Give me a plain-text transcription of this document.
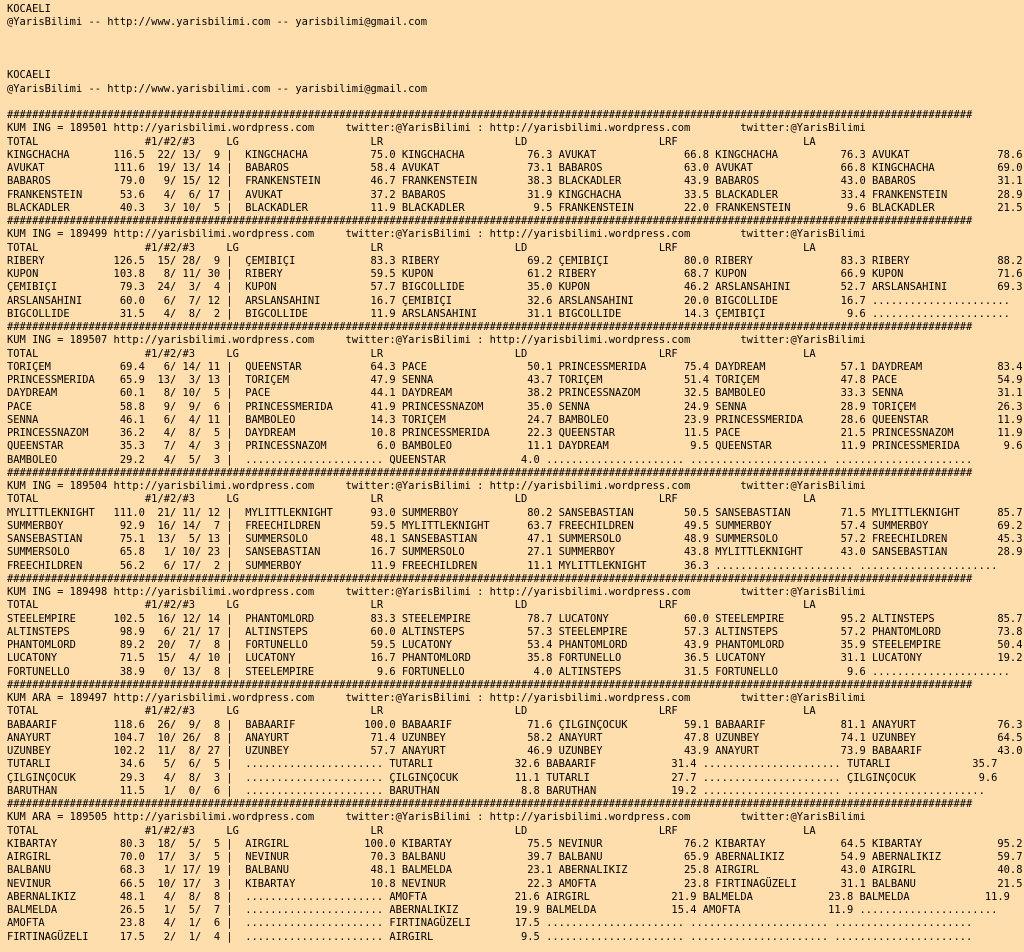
KOCAELI
@YarisBilimi -- http://www.yarisbilimi.com -- yarisbilimi@gmail.com
KOCAELI
@YarisBilimi -- http://www.yarisbilimi.com -- yarisbilimi@gmail.com
##########################################################################################################################################################
KUM ING = 189501 http://yarisbilimi.wordpress.com     twitter:@YarisBilimi : http://yarisbilimi.wordpress.com        twitter:@YarisBilimi
TOTAL                 #1/#2/#3     LG                     LR                     LD                     LRF                    LA
KINGCHACHA       116.5  22/ 13/  9 |  KINGCHACHA          75.0 KINGCHACHA          76.3 AVUKAT              66.8 KINGCHACHA          76.3 AVUKAT              78.6
AVUKAT           111.6  19/ 13/ 14 |  BABAROS             58.4 AVUKAT              73.1 BABAROS             63.0 AVUKAT              66.8 KINGCHACHA          69.0
BABAROS           79.0   9/ 15/ 12 |  FRANKENSTEIN        46.7 FRANKENSTEIN        38.3 BLACKADLER          43.9 BABAROS             43.0 BABAROS             31.1
FRANKENSTEIN      53.6   4/  6/ 17 |  AVUKAT              37.2 BABAROS             31.9 KINGCHACHA          33.5 BLACKADLER          33.4 FRANKENSTEIN        28.9
BLACKADLER        40.3   3/ 10/  5 |  BLACKADLER          11.9 BLACKADLER           9.5 FRANKENSTEIN        22.0 FRANKENSTEIN         9.6 BLACKADLER          21.5
##########################################################################################################################################################
KUM ING = 189499 http://yarisbilimi.wordpress.com     twitter:@YarisBilimi : http://yarisbilimi.wordpress.com        twitter:@YarisBilimi
TOTAL                 #1/#2/#3     LG                     LR                     LD                     LRF                    LA
RIBERY           126.5  15/ 28/  9 |  ÇEMIBIÇI            83.3 RIBERY              69.2 ÇEMIBIÇI            80.0 RIBERY              83.3 RIBERY              88.2
KUPON            103.8   8/ 11/ 30 |  RIBERY              59.5 KUPON               61.2 RIBERY              68.7 KUPON               66.9 KUPON               71.6
ÇEMIBIÇI          79.3  24/  3/  4 |  KUPON               57.7 BIGCOLLIDE          35.0 KUPON               46.2 ARSLANSAHINI        52.7 ARSLANSAHINI        69.3
ARSLANSAHINI      60.0   6/  7/ 12 |  ARSLANSAHINI        16.7 ÇEMIBIÇI            32.6 ARSLANSAHINI        20.0 BIGCOLLIDE          16.7 ......................
BIGCOLLIDE        31.5   4/  8/  2 |  BIGCOLLIDE          11.9 ARSLANSAHINI        31.1 BIGCOLLIDE          14.3 ÇEMIBIÇI             9.6 ......................
##########################################################################################################################################################
KUM ING = 189507 http://yarisbilimi.wordpress.com     twitter:@YarisBilimi : http://yarisbilimi.wordpress.com        twitter:@YarisBilimi
TOTAL                 #1/#2/#3     LG                     LR                     LD                     LRF                    LA
TORIÇEM           69.4   6/ 14/ 11 |  QUEENSTAR           64.3 PACE                50.1 PRINCESSMERIDA      75.4 DAYDREAM            57.1 DAYDREAM            83.4
PRINCESSMERIDA    65.9  13/  3/ 13 |  TORIÇEM             47.9 SENNA               43.7 TORIÇEM             51.4 TORIÇEM             47.8 PACE                54.9
DAYDREAM          60.1   8/ 10/  5 |  PACE                44.1 DAYDREAM            38.2 PRINCESSNAZOM       32.5 BAMBOLEO            33.3 SENNA               31.1
PACE              58.8   9/  9/  6 |  PRINCESSMERIDA      41.9 PRINCESSNAZOM       35.0 SENNA               24.9 SENNA               28.9 TORIÇEM             26.3
SENNA             46.1   6/  4/ 11 |  BAMBOLEO            14.3 TORIÇEM             24.7 BAMBOLEO            23.9 PRINCESSMERIDA      28.6 QUEENSTAR           11.9
PRINCESSNAZOM     36.2   4/  8/  5 |  DAYDREAM            10.8 PRINCESSMERIDA      22.3 QUEENSTAR           11.5 PACE                21.5 PRINCESSNAZOM       11.9
QUEENSTAR         35.3   7/  4/  3 |  PRINCESSNAZOM        6.0 BAMBOLEO            11.1 DAYDREAM             9.5 QUEENSTAR           11.9 PRINCESSMERIDA       9.6
BAMBOLEO          29.2   4/  5/  3 |  ...................... QUEENSTAR            4.0 ...................... ...................... ......................
##########################################################################################################################################################
KUM ING = 189504 http://yarisbilimi.wordpress.com     twitter:@YarisBilimi : http://yarisbilimi.wordpress.com        twitter:@YarisBilimi
TOTAL                 #1/#2/#3     LG                     LR                     LD                     LRF                    LA
MYLITTLEKNIGHT   111.0  21/ 11/ 12 |  MYLITTLEKNIGHT      93.0 SUMMERBOY           80.2 SANSEBASTIAN        50.5 SANSEBASTIAN        71.5 MYLITTLEKNIGHT      85.7
SUMMERBOY         92.9  16/ 14/  7 |  FREECHILDREN        59.5 MYLITTLEKNIGHT      63.7 FREECHILDREN        49.5 SUMMERBOY           57.4 SUMMERBOY           69.2
SANSEBASTIAN      75.1  13/  5/ 13 |  SUMMERSOLO          48.1 SANSEBASTIAN        47.1 SUMMERSOLO          48.9 SUMMERSOLO          57.2 FREECHILDREN        45.3
SUMMERSOLO        65.8   1/ 10/ 23 |  SANSEBASTIAN        16.7 SUMMERSOLO          27.1 SUMMERBOY           43.8 MYLITTLEKNIGHT      43.0 SANSEBASTIAN        28.9
FREECHILDREN      56.2   6/ 17/  2 |  SUMMERBOY           11.9 FREECHILDREN        11.1 MYLITTLEKNIGHT      36.3 ...................... ......................
##########################################################################################################################################################
KUM ING = 189498 http://yarisbilimi.wordpress.com     twitter:@YarisBilimi : http://yarisbilimi.wordpress.com        twitter:@YarisBilimi
TOTAL                 #1/#2/#3     LG                     LR                     LD                     LRF                    LA
STEELEMPIRE      102.5  16/ 12/ 14 |  PHANTOMLORD         83.3 STEELEMPIRE         78.7 LUCATONY            60.0 STEELEMPIRE         95.2 ALTINSTEPS          85.7
ALTINSTEPS        98.9   6/ 21/ 17 |  ALTINSTEPS          60.0 ALTINSTEPS          57.3 STEELEMPIRE         57.3 ALTINSTEPS          57.2 PHANTOMLORD         73.8
PHANTOMLORD       89.2  20/  7/  8 |  FORTUNELLO          59.5 LUCATONY            53.4 PHANTOMLORD         43.9 PHANTOMLORD         35.9 STEELEMPIRE         50.4
LUCATONY          71.5  15/  4/ 10 |  LUCATONY            16.7 PHANTOMLORD         35.8 FORTUNELLO          36.5 LUCATONY            31.1 LUCATONY            19.2
FORTUNELLO        38.9   0/ 13/  8 |  STEELEMPIRE          9.6 FORTUNELLO           4.0 ALTINSTEPS          31.5 FORTUNELLO           9.6 ......................
##########################################################################################################################################################
KUM ARA = 189497 http://yarisbilimi.wordpress.com     twitter:@YarisBilimi : http://yarisbilimi.wordpress.com        twitter:@YarisBilimi
TOTAL                 #1/#2/#3     LG                     LR                     LD                     LRF                    LA
BABAARIF         118.6  26/  9/  8 |  BABAARIF           100.0 BABAARIF            71.6 ÇILGINÇOCUK         59.1 BABAARIF            81.1 ANAYURT             76.3
ANAYURT          104.7  10/ 26/  8 |  ANAYURT             71.4 UZUNBEY             58.2 ANAYURT             47.8 UZUNBEY             74.1 UZUNBEY             64.5
UZUNBEY          102.2  11/  8/ 27 |  UZUNBEY             57.7 ANAYURT             46.9 UZUNBEY             43.9 ANAYURT             73.9 BABAARIF            43.0
TUTARLI           34.6   5/  6/  5 |  ...................... TUTARLI             32.6 BABAARIF            31.4 ...................... TUTARLI             35.7
ÇILGINÇOCUK       29.3   4/  8/  3 |  ...................... ÇILGINÇOCUK         11.1 TUTARLI             27.7 ...................... ÇILGINÇOCUK          9.6
BARUTHAN          11.5   1/  0/  6 |  ...................... BARUTHAN             8.8 BARUTHAN            19.2 ...................... ......................
##########################################################################################################################################################
KUM ARA = 189505 http://yarisbilimi.wordpress.com     twitter:@YarisBilimi : http://yarisbilimi.wordpress.com        twitter:@YarisBilimi
TOTAL                 #1/#2/#3     LG                     LR                     LD                     LRF                    LA
KIBARTAY          80.3  18/  5/  5 |  AIRGIRL            100.0 KIBARTAY            75.5 NEVINUR             76.2 KIBARTAY            64.5 KIBARTAY            95.2
AIRGIRL           70.0  17/  3/  5 |  NEVINUR             70.3 BALBANU             39.7 BALBANU             65.9 ABERNALIKIZ         54.9 ABERNALIKIZ         59.7
BALBANU           68.3   1/ 17/ 19 |  BALBANU             48.1 BALMELDA            23.1 ABERNALIKIZ         25.8 AIRGIRL             43.0 AIRGIRL             40.8
NEVINUR           66.5  10/ 17/  3 |  KIBARTAY            10.8 NEVINUR             22.3 AMOFTA              23.8 FIRTINAGÜZELI       31.1 BALBANU             21.5
ABERNALIKIZ       48.1   4/  8/  8 |  ...................... AMOFTA              21.6 AIRGIRL             21.9 BALMELDA            23.8 BALMELDA            11.9
BALMELDA          26.5   1/  5/  7 |  ...................... ABERNALIKIZ         19.9 BALMELDA            15.4 AMOFTA              11.9 ......................
AMOFTA            23.8   4/  1/  6 |  ...................... FIRTINAGÜZELI       17.5 ...................... ...................... ......................
FIRTINAGÜZELI     17.5   2/  1/  4 |  ...................... AIRGIRL              9.5 ...................... ...................... ......................
